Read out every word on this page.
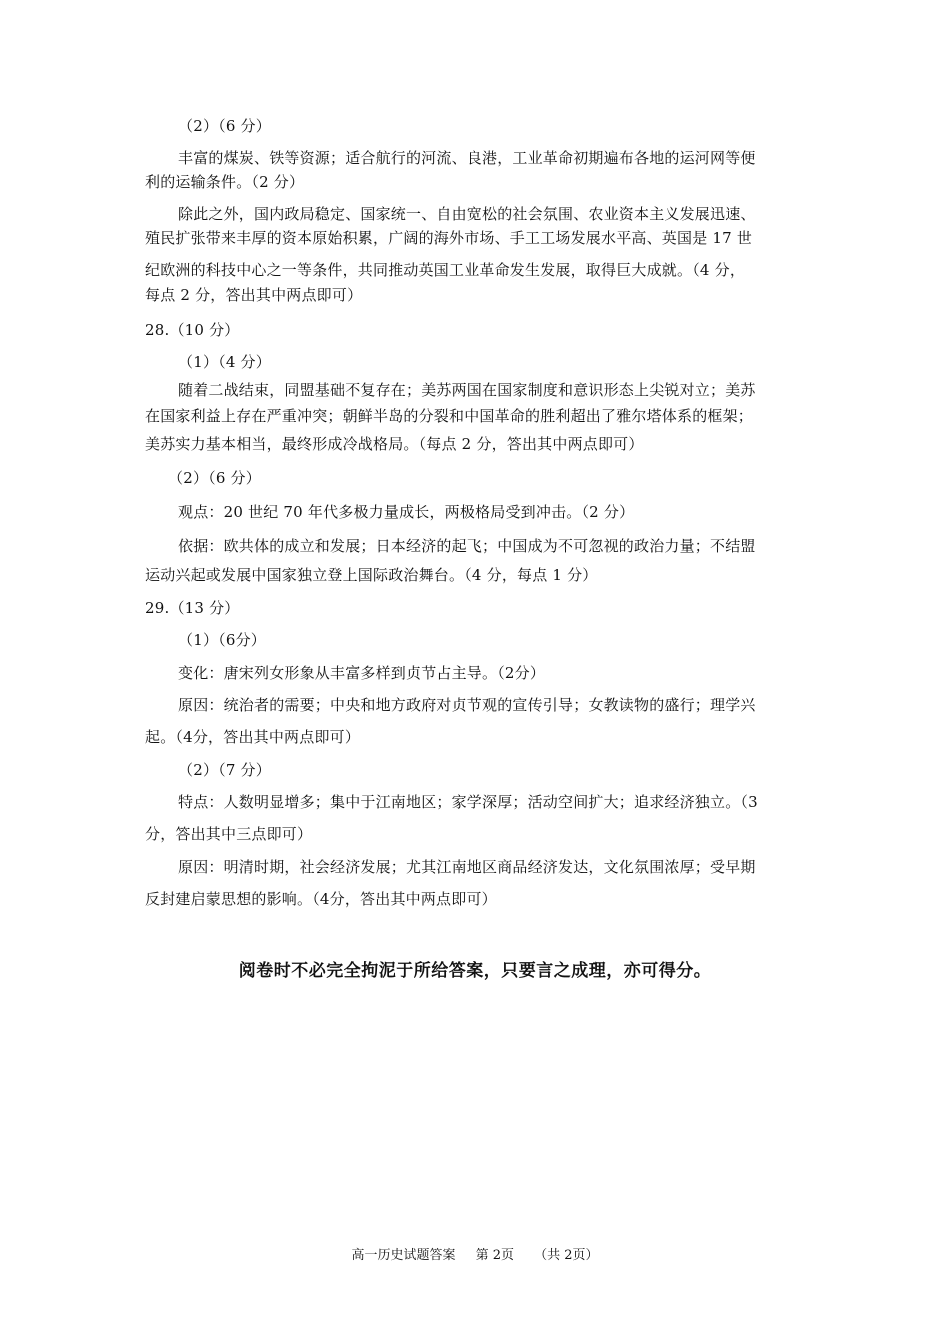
（2）（6 分）
丰富的煤炭、铁等资源；适合航行的河流、良港，工业革命初期遍布各地的运河网等便
利的运输条件。（2 分）
除此之外，国内政局稳定、国家统一、自由宽松的社会氛围、农业资本主义发展迅速、
殖民扩张带来丰厚的资本原始积累，广阔的海外市场、手工工场发展水平高、英国是 17 世
纪欧洲的科技中心之一等条件，共同推动英国工业革命发生发展，取得巨大成就。（4 分，
每点 2 分，答出其中两点即可）
28.（10 分）
（1）（4 分）
随着二战结束，同盟基础不复存在；美苏两国在国家制度和意识形态上尖锐对立；美苏
在国家利益上存在严重冲突；朝鲜半岛的分裂和中国革命的胜利超出了雅尔塔体系的框架；
美苏实力基本相当，最终形成冷战格局。（每点 2 分，答出其中两点即可）
（2）（6 分）
观点：20 世纪 70 年代多极力量成长，两极格局受到冲击。（2 分）
依据：欧共体的成立和发展；日本经济的起飞；中国成为不可忽视的政治力量；不结盟
运动兴起或发展中国家独立登上国际政治舞台。（4 分，每点 1 分）
29.（13 分）
（1）（6分）
变化：唐宋列女形象从丰富多样到贞节占主导。（2分）
原因：统治者的需要；中央和地方政府对贞节观的宣传引导；女教读物的盛行；理学兴
起。（4分，答出其中两点即可）
（2）（7 分）
特点：人数明显增多；集中于江南地区；家学深厚；活动空间扩大；追求经济独立。（3
分，答出其中三点即可）
原因：明清时期，社会经济发展；尤其江南地区商品经济发达，文化氛围浓厚；受早期
反封建启蒙思想的影响。（4分，答出其中两点即可）
阅卷时不必完全拘泥于所给答案，只要言之成理，亦可得分。
高一历史试题答案 第 2页 （共 2页）
